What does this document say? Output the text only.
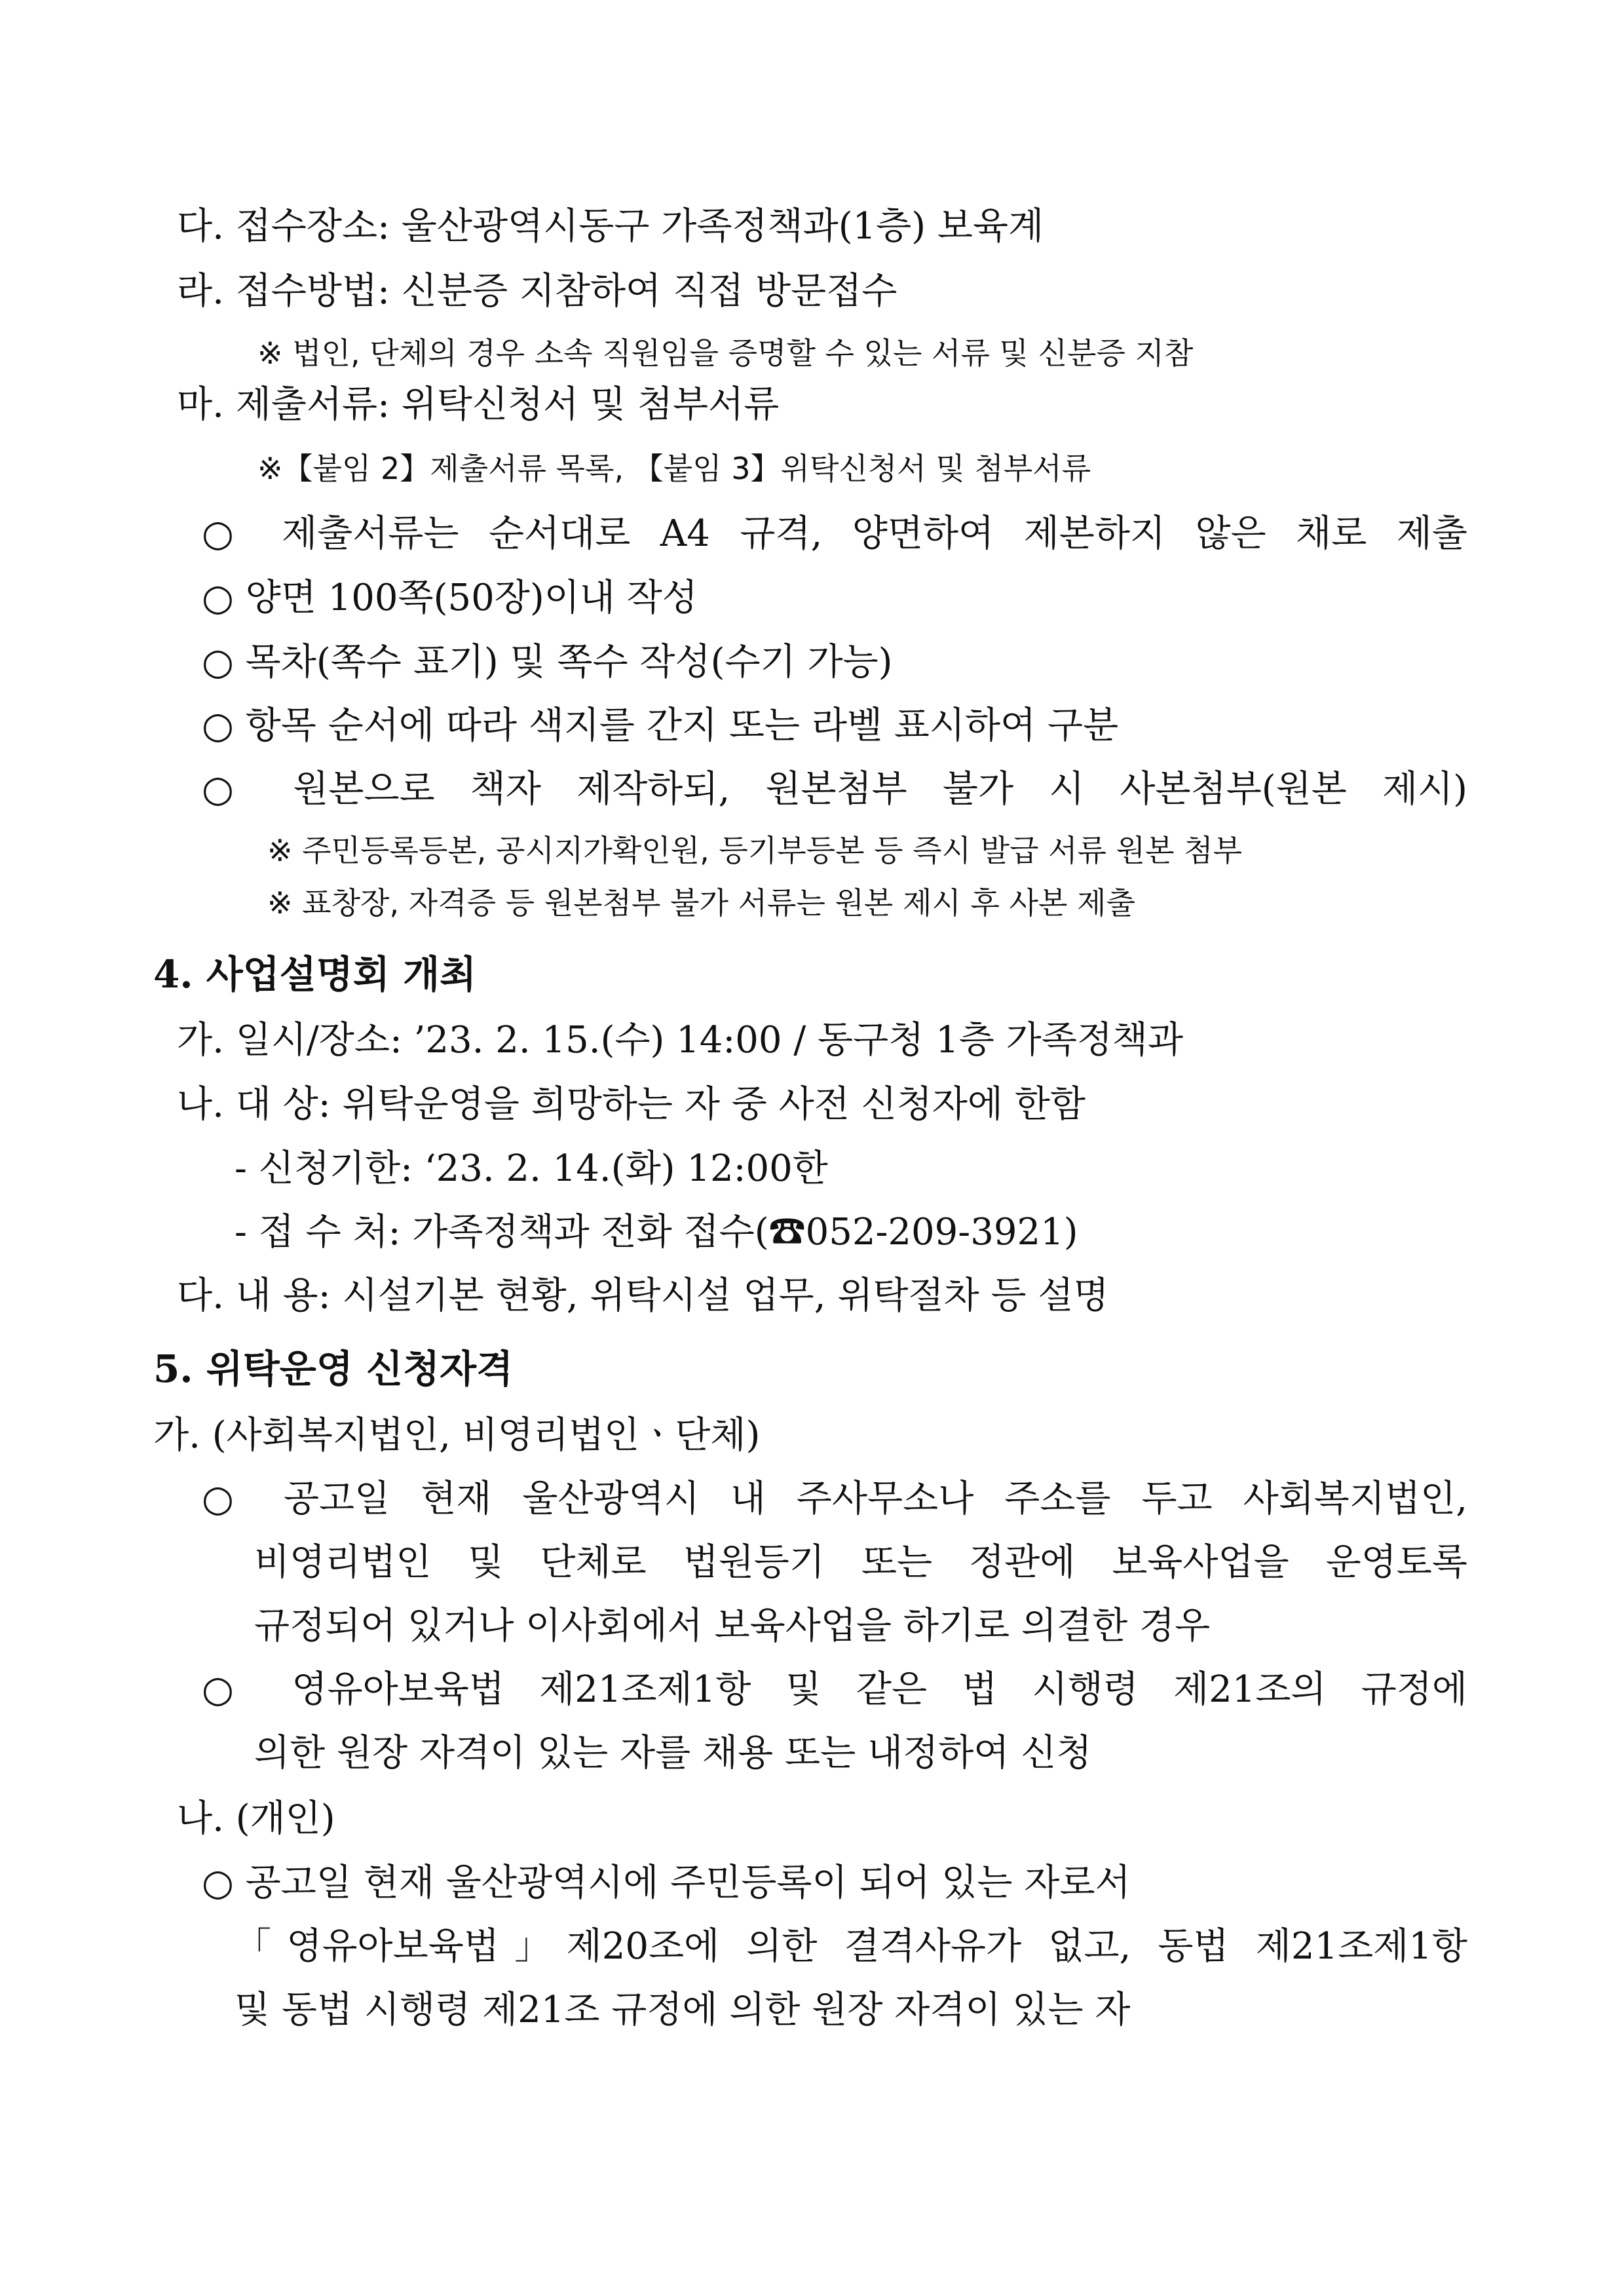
다. 접수장소: 울산광역시동구 가족정책과(1층) 보육계
라. 접수방법: 신분증 지참하여 직접 방문접수
※ 법인, 단체의 경우 소속 직원임을 증명할 수 있는 서류 및 신분증 지참
마. 제출서류: 위탁신청서 및 첨부서류
※【붙임 2】제출서류 목록, 【붙임 3】위탁신청서 및 첨부서류
○ 제출서류는 순서대로 A4 규격, 양면하여 제본하지 않은 채로 제출
○ 양면 100쪽(50장)이내 작성
○ 목차(쪽수 표기) 및 쪽수 작성(수기 가능)
○ 항목 순서에 따라 색지를 간지 또는 라벨 표시하여 구분
○ 원본으로 책자 제작하되, 원본첨부 불가 시 사본첨부(원본 제시)
※ 주민등록등본, 공시지가확인원, 등기부등본 등 즉시 발급 서류 원본 첨부
※ 표창장, 자격증 등 원본첨부 불가 서류는 원본 제시 후 사본 제출
4. 사업설명회 개최
가. 일시/장소: ’23. 2. 15.(수) 14:00 / 동구청 1층 가족정책과
나. 대 상: 위탁운영을 희망하는 자 중 사전 신청자에 한함
- 신청기한: ‘23. 2. 14.(화) 12:00한
- 접 수 처: 가족정책과 전화 접수(☎052-209-3921)
다. 내 용: 시설기본 현황, 위탁시설 업무, 위탁절차 등 설명
5. 위탁운영 신청자격
가. (사회복지법인, 비영리법인ㆍ단체)
○ 공고일 현재 울산광역시 내 주사무소나 주소를 두고 사회복지법인,
비영리법인 및 단체로 법원등기 또는 정관에 보육사업을 운영토록
규정되어 있거나 이사회에서 보육사업을 하기로 의결한 경우
○ 영유아보육법 제21조제1항 및 같은 법 시행령 제21조의 규정에
의한 원장 자격이 있는 자를 채용 또는 내정하여 신청
나. (개인)
○ 공고일 현재 울산광역시에 주민등록이 되어 있는 자로서
「영유아보육법」제20조에 의한 결격사유가 없고, 동법 제21조제1항
및 동법 시행령 제21조 규정에 의한 원장 자격이 있는 자
